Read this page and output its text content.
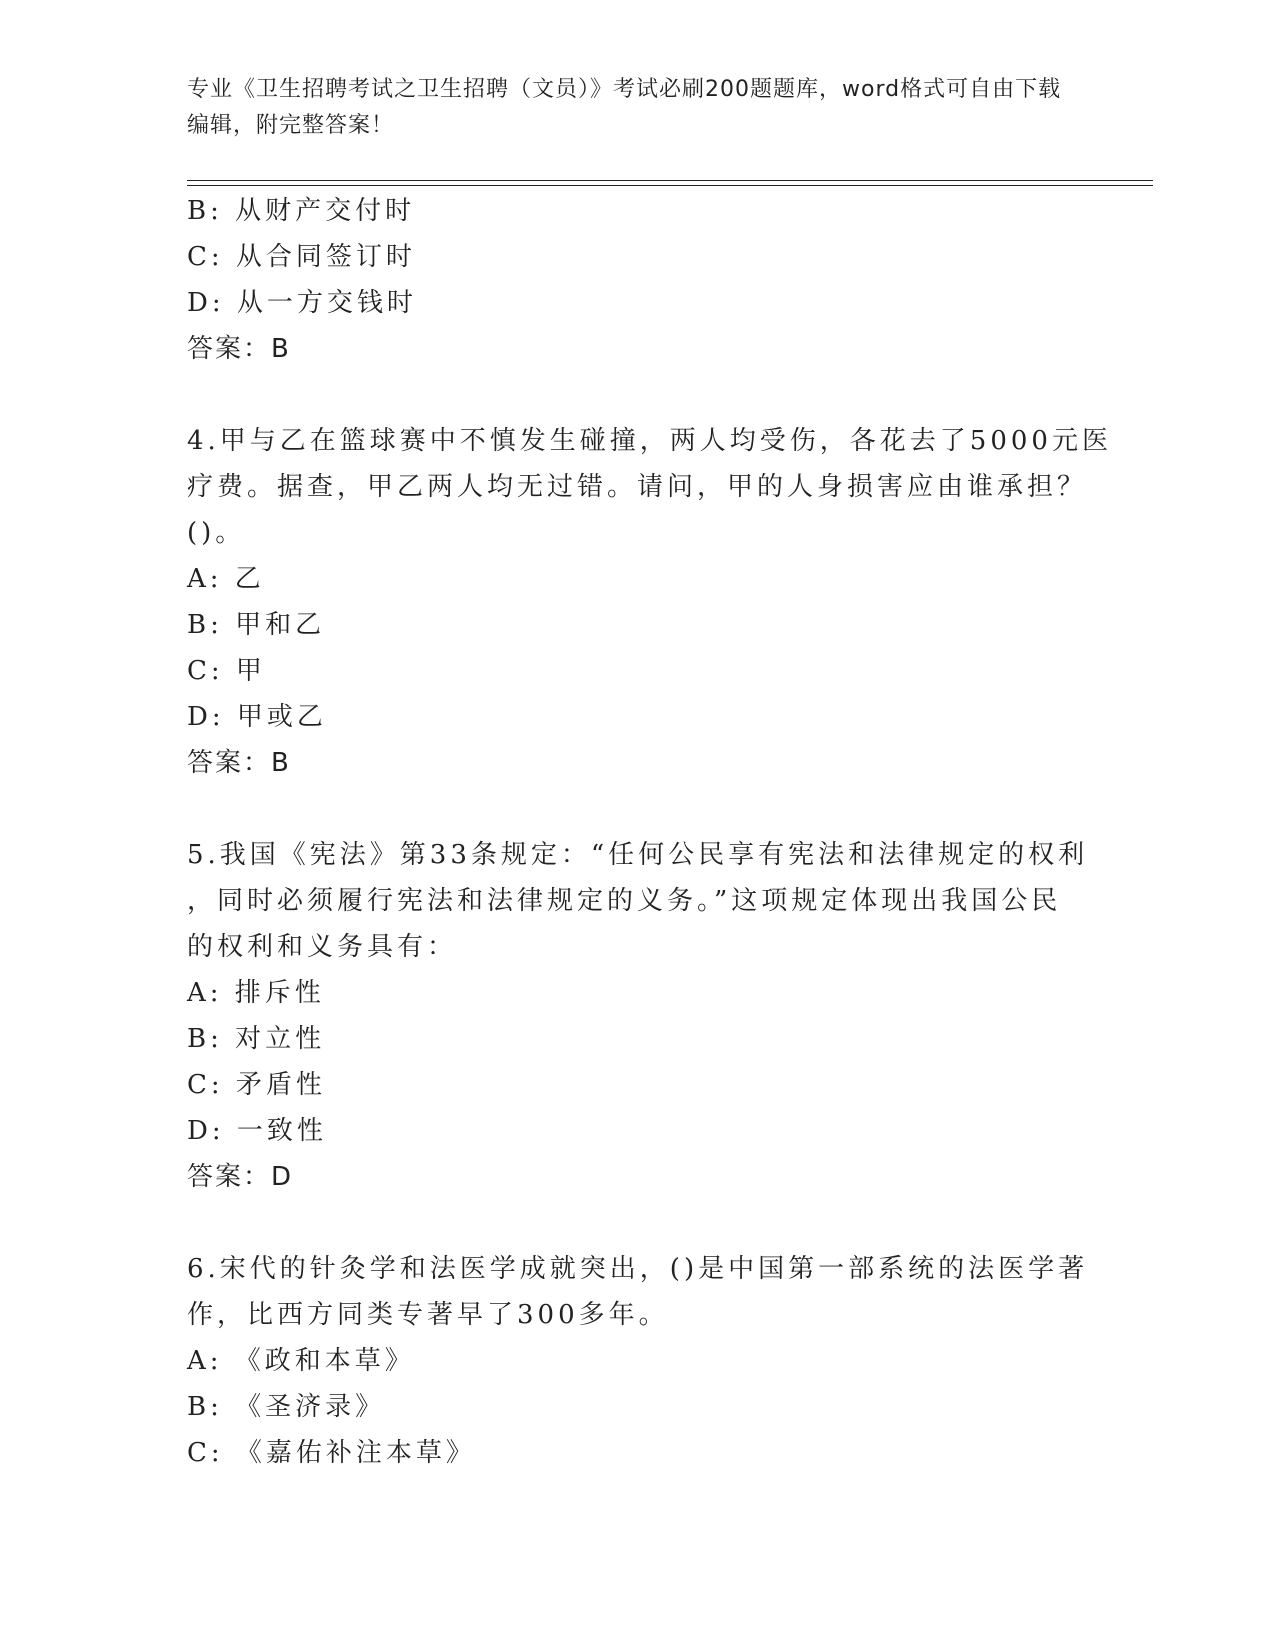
专业《卫生招聘考试之卫生招聘（文员）》考试必刷200题题库，word格式可自由下载编辑，附完整答案！
B: 从财产交付时
C: 从合同签订时
D: 从一方交钱时
答案：B
4.甲与乙在篮球赛中不慎发生碰撞，两人均受伤，各花去了5000元医
疗费。据查，甲乙两人均无过错。请问，甲的人身损害应由谁承担？
()。
A: 乙
B: 甲和乙
C: 甲
D: 甲或乙
答案：B
5.我国《宪法》第33条规定：“任何公民享有宪法和法律规定的权利
，同时必须履行宪法和法律规定的义务。”这项规定体现出我国公民
的权利和义务具有：
A: 排斥性
B: 对立性
C: 矛盾性
D: 一致性
答案：D
6.宋代的针灸学和法医学成就突出，()是中国第一部系统的法医学著
作，比西方同类专著早了300多年。
A: 《政和本草》
B: 《圣济录》
C: 《嘉佑补注本草》
